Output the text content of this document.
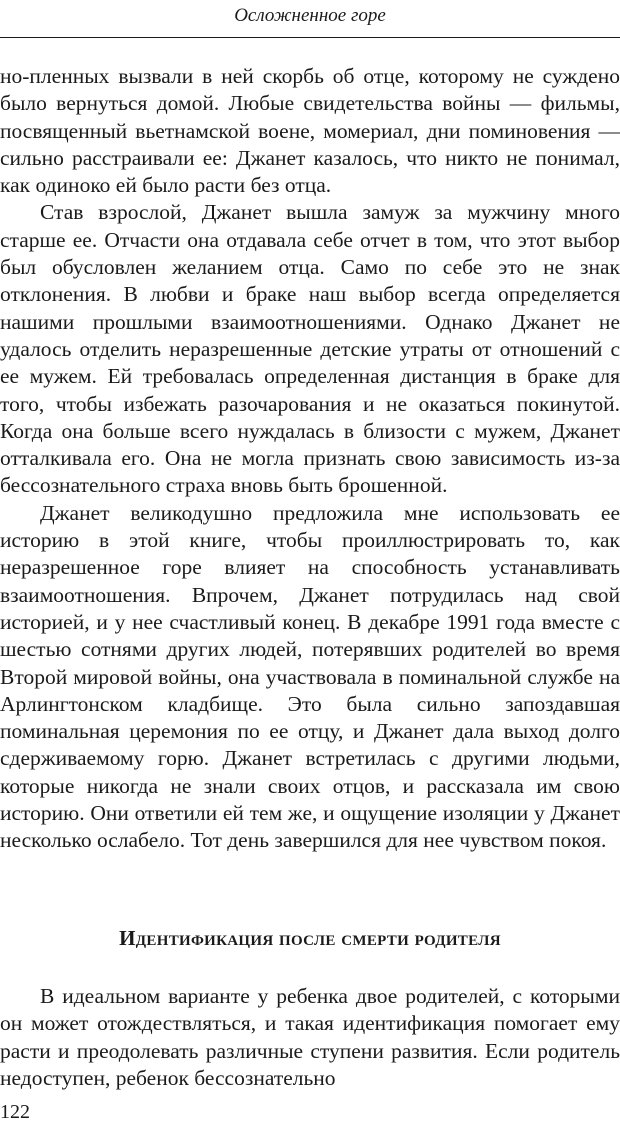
Осложненное горе

но-пленных вызвали в ней скорбь об отце, которому не суждено было вернуться домой. Любые свидетельства войны — фильмы, посвященный вьетнамской военe, момериал, дни поминовения — сильно расстраивали ее: Джанет казалось, что никто не понимал, как одиноко ей было расти без отца.

Став взрослой, Джанет вышла замуж за мужчину много старше ее. Отчасти она отдавала себе отчет в том, что этот выбор был обусловлен желанием отца. Само по себе это не знак отклонения. В любви и браке наш выбор всегда определяется нашими прошлыми взаимоотношениями. Однако Джанет не удалось отделить неразрешенные детские утраты от отношений с ее мужем. Ей требовалась определенная дистанция в браке для того, чтобы избежать разочарования и не оказаться покинутой. Когда она больше всего нуждалась в близости с мужем, Джанет отталкивала его. Она не могла признать свою зависимость из-за бессознательного страха вновь быть брошенной.

Джанет великодушно предложила мне использовать ее историю в этой книге, чтобы проиллюстрировать то, как неразрешенное горе влияет на способность устанавливать взаимоотношения. Впрочем, Джанет потрудилась над свой историей, и у нее счастливый конец. В декабре 1991 года вместе с шестью сотнями других людей, потерявших родителей во время Второй мировой войны, она участвовала в поминальной службе на Арлингтонском кладбище. Это была сильно запоздавшая поминальная церемония по ее отцу, и Джанет дала выход долго сдерживаемому горю. Джанет встретилась с другими людьми, которые никогда не знали своих отцов, и рассказала им свою историю. Они ответили ей тем же, и ощущение изоляции у Джанет несколько ослабело. Тот день завершился для нее чувством покоя.

Идентификация после смерти родителя

В идеальном варианте у ребенка двое родителей, с которыми он может отождествляться, и такая идентификация помогает ему расти и преодолевать различные ступени развития. Если родитель недоступен, ребенок бессознательно

122
